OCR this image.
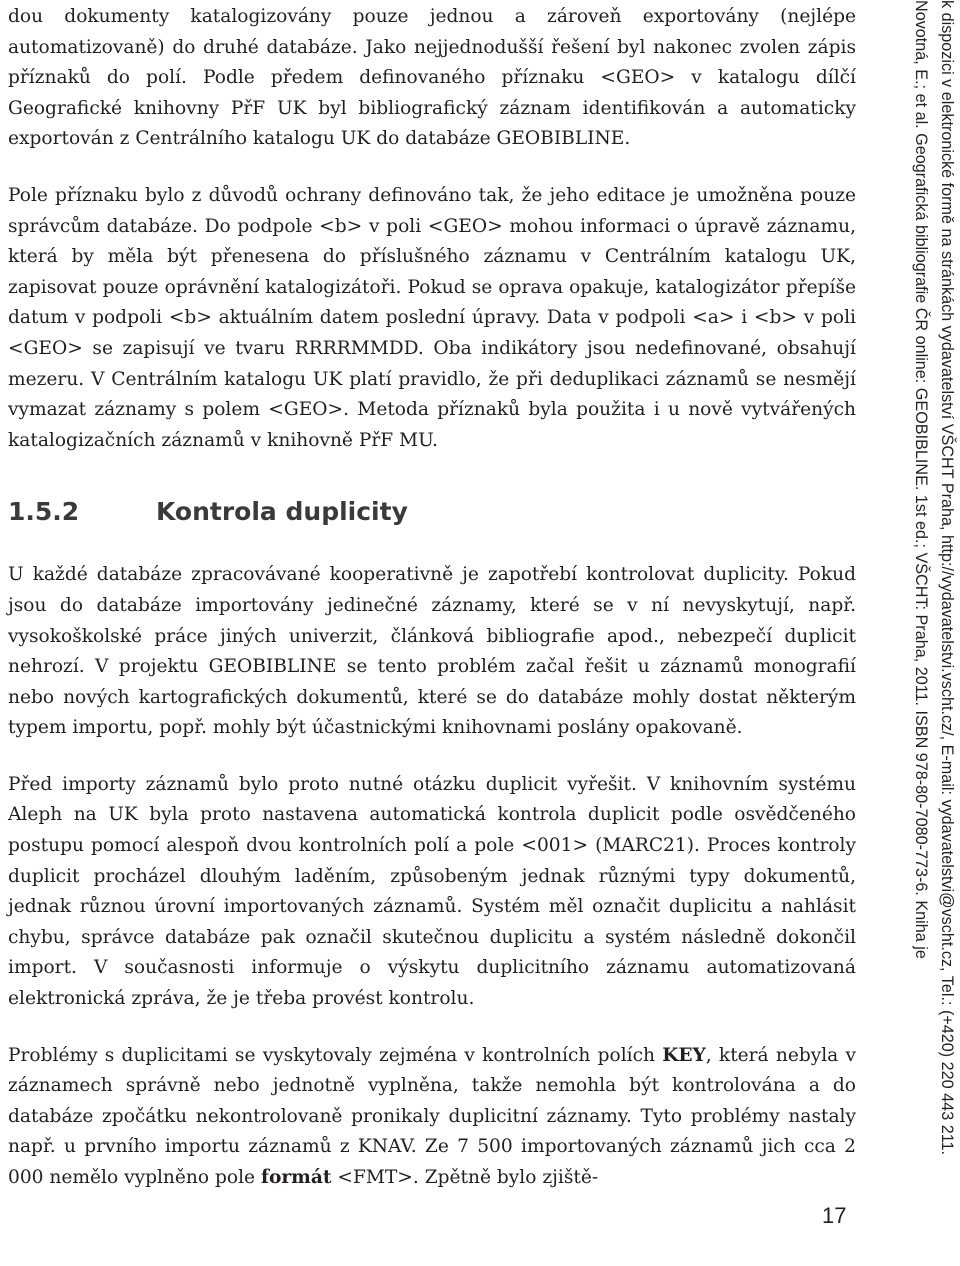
dou dokumenty katalogizovány pouze jednou a zároveň exportovány (nejlépe automatizovaně) do druhé databáze. Jako nejjednodušší řešení byl nakonec zvolen zápis příznaků do polí. Podle předem definovaného příznaku <GEO> v katalogu dílčí Geografické knihovny PřF UK byl bibliografický záznam identifikován a automaticky exportován z Centrálního katalogu UK do databáze GEOBIBLINE.

Pole příznaku bylo z důvodů ochrany definováno tak, že jeho editace je umožněna pouze správcům databáze. Do podpole <b> v poli <GEO> mohou informaci o úpravě záznamu, která by měla být přenesena do příslušného záznamu v Centrálním katalogu UK, zapisovat pouze oprávnění katalogizátoři. Pokud se oprava opakuje, katalogizátor přepíše datum v podpoli <b> aktuálním datem poslední úpravy. Data v podpoli <a> i <b> v poli <GEO> se zapisují ve tvaru RRRRMMDD. Oba indikátory jsou nedefinované, obsahují mezeru. V Centrálním katalogu UK platí pravidlo, že při deduplikaci záznamů se nesmějí vymazat záznamy s polem <GEO>. Metoda příznaků byla použita i u nově vytvářených katalogizačních záznamů v knihovně PřF MU.

1.5.2	Kontrola duplicity

U každé databáze zpracovávané kooperativně je zapotřebí kontrolovat duplicity. Pokud jsou do databáze importovány jedinečné záznamy, které se v ní nevyskytují, např. vysokoškolské práce jiných univerzit, článková bibliografie apod., nebezpečí duplicit nehrozí. V projektu GEOBIBLINE se tento problém začal řešit u záznamů monografií nebo nových kartografických dokumentů, které se do databáze mohly dostat některým typem importu, popř. mohly být účastnickými knihovnami poslány opakovaně.

Před importy záznamů bylo proto nutné otázku duplicit vyřešit. V knihovním systému Aleph na UK byla proto nastavena automatická kontrola duplicit podle osvědčeného postupu pomocí alespoň dvou kontrolních polí a pole <001> (MARC21). Proces kontroly duplicit procházel dlouhým laděním, způsobeným jednak různými typy dokumentů, jednak různou úrovní importovaných záznamů. Systém měl označit duplicitu a nahlásit chybu, správce databáze pak označil skutečnou duplicitu a systém následně dokončil import. V současnosti informuje o výskytu duplicitního záznamu automatizovaná elektronická zpráva, že je třeba provést kontrolu.

Problémy s duplicitami se vyskytovaly zejména v kontrolních polích KEY, která nebyla v záznamech správně nebo jednotně vyplněna, takže nemohla být kontrolována a do databáze zpočátku nekontrolovaně pronikaly duplicitní záznamy. Tyto problémy nastaly např. u prvního importu záznamů z KNAV. Ze 7 500 importovaných záznamů jich cca 2 000 nemělo vyplněno pole formát <FMT>. Zpětně bylo zjiště-

17
k dispozici v elektronické formě na stránkách vydavatelství VŠCHT Praha, http://vydavatelstvi.vscht.cz/, E-mail: vydavatelstvi@vscht.cz, Tel.: (+420) 220 443 211.
Novotná, E.; et al. Geografická bibliografie ČR online: GEOBIBLINE. 1st ed.; VŠCHT: Praha, 2011. ISBN 978-80-7080-773-6. Kniha je
